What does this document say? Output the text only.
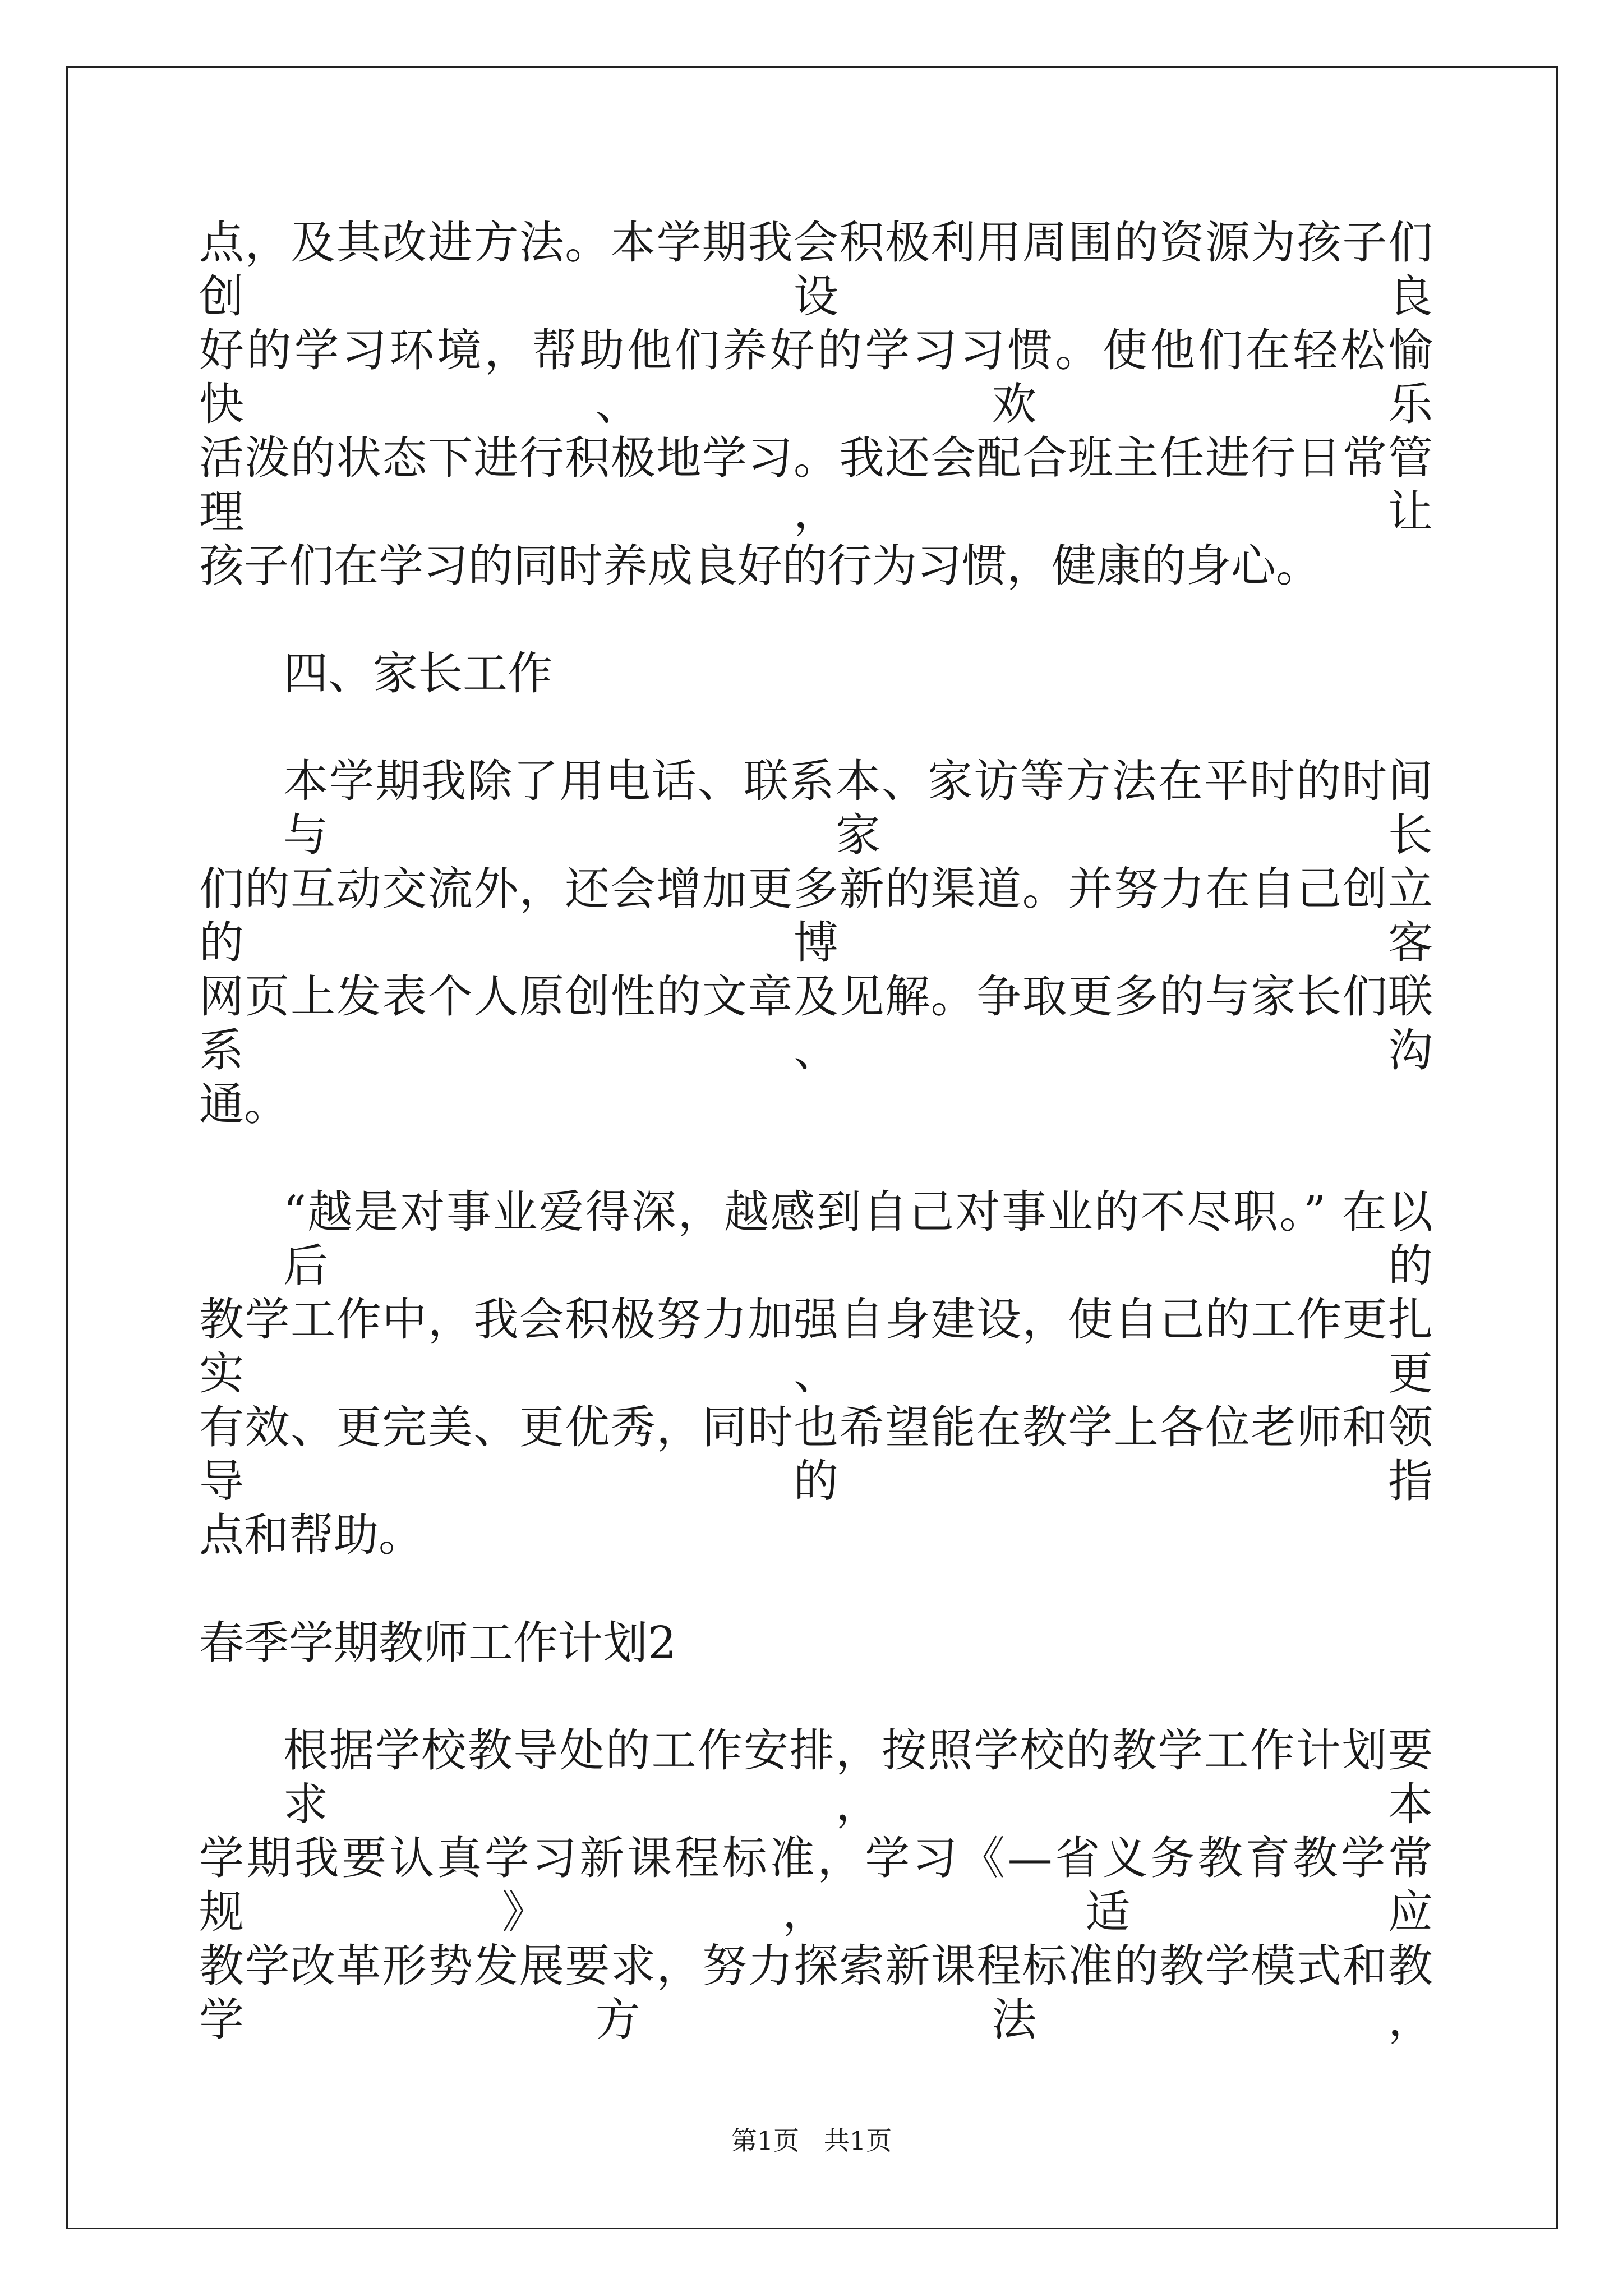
点，及其改进方法。本学期我会积极利用周围的资源为孩子们创设良
好的学习环境，帮助他们养好的学习习惯。使他们在轻松愉快、欢乐
活泼的状态下进行积极地学习。我还会配合班主任进行日常管理，让
孩子们在学习的同时养成良好的行为习惯，健康的身心。
四、家长工作
本学期我除了用电话、联系本、家访等方法在平时的时间与家长
们的互动交流外，还会增加更多新的渠道。并努力在自己创立的博客
网页上发表个人原创性的文章及见解。争取更多的与家长们联系、沟
通。
“越是对事业爱得深，越感到自己对事业的不尽职。” 在以后的
教学工作中，我会积极努力加强自身建设，使自己的工作更扎实、更
有效、更完美、更优秀，同时也希望能在教学上各位老师和领导的指
点和帮助。
春季学期教师工作计划2
根据学校教导处的工作安排，按照学校的教学工作计划要求，本
学期我要认真学习新课程标准，学习《—省义务教育教学常规》，适应
教学改革形势发展要求，努力探索新课程标准的教学模式和教学方法，
第1页   共1页
